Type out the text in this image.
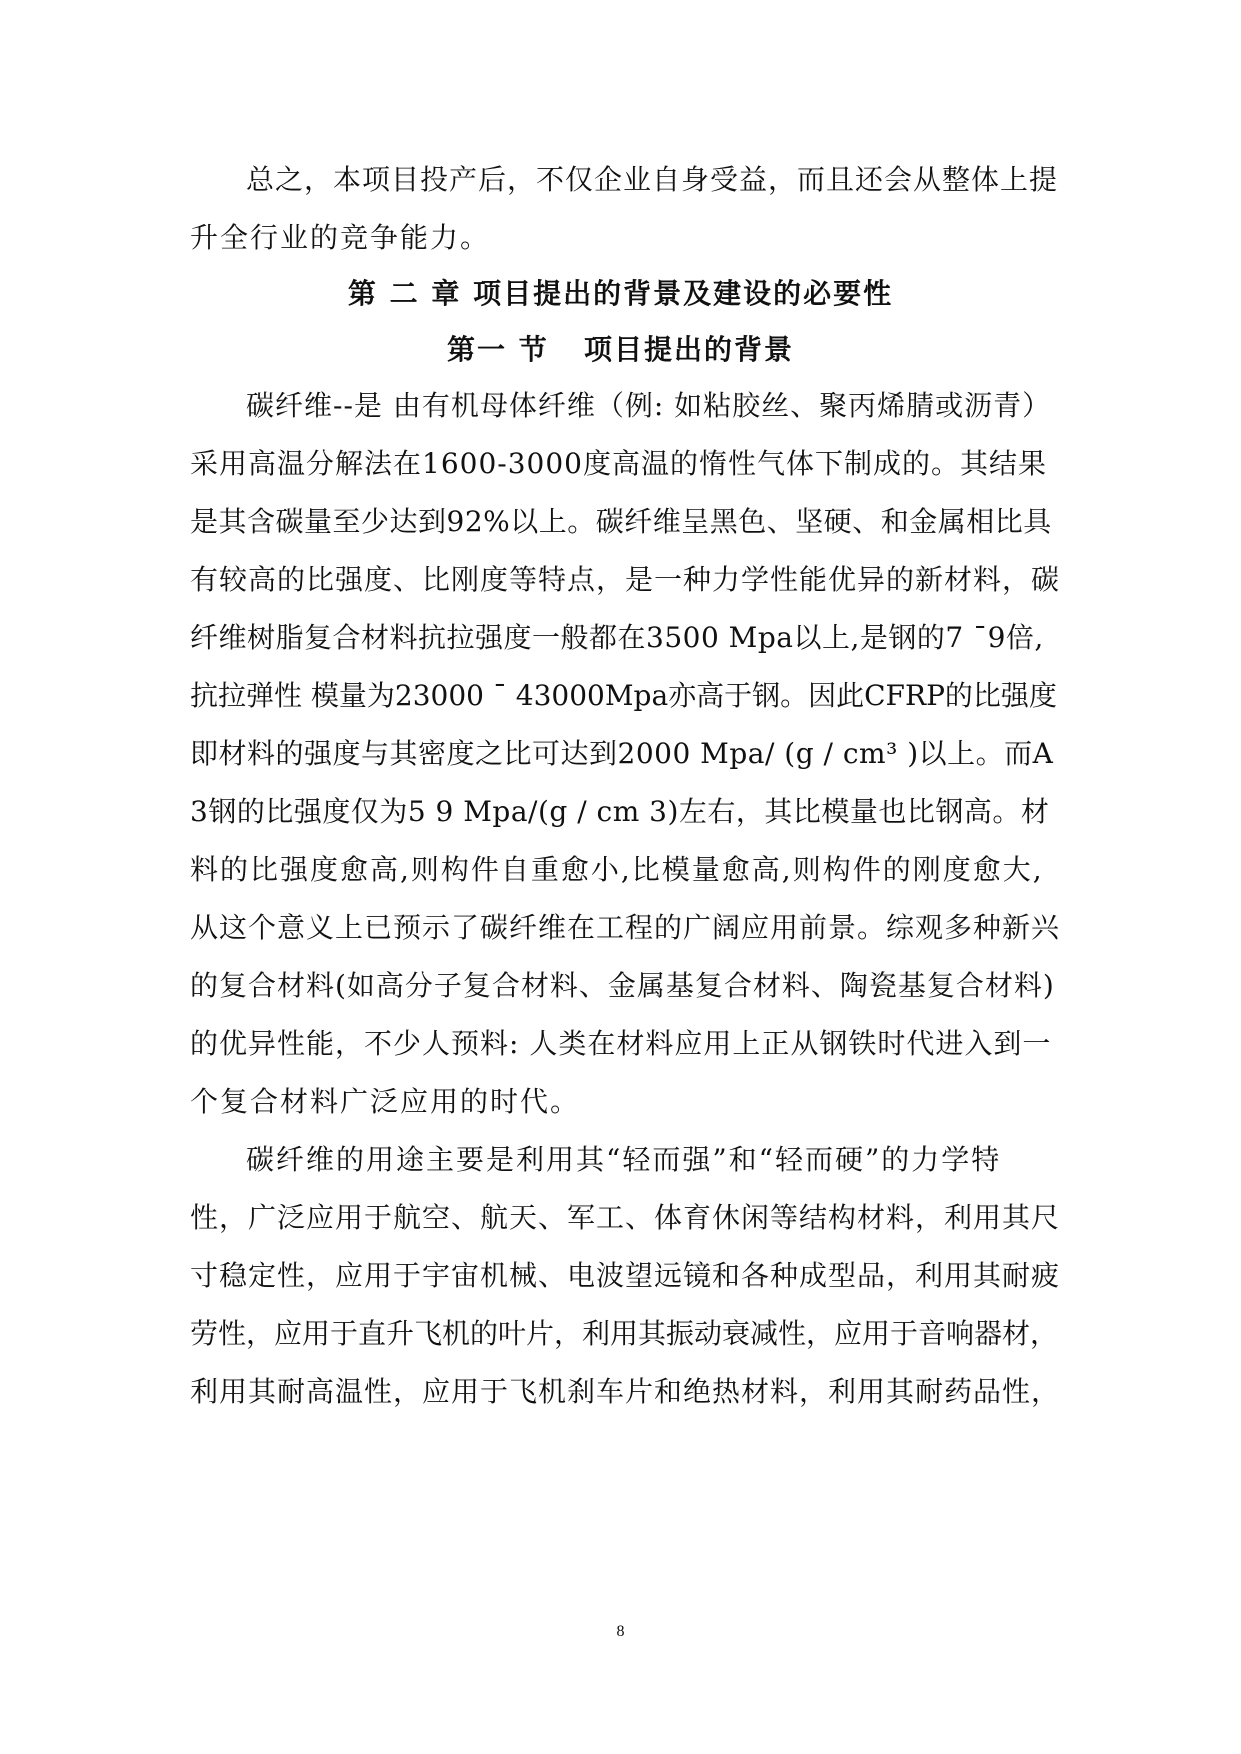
总之，本项目投产后，不仅企业自身受益，而且还会从整体上提
升全行业的竞争能力。
第 二 章 项目提出的背景及建设的必要性
第一 节   项目提出的背景
碳纤维--是 由有机母体纤维（例: 如粘胶丝、聚丙烯腈或沥青）
采用高温分解法在1600-3000度高温的惰性气体下制成的。其结果
是其含碳量至少达到92%以上。碳纤维呈黑色、坚硬、和金属相比具
有较高的比强度、比刚度等特点，是一种力学性能优异的新材料，碳
纤维树脂复合材料抗拉强度一般都在3500 Mpa以上,是钢的7 ¯9倍,
抗拉弹性 模量为23000 ¯ 43000Mpa亦高于钢。因此CFRP的比强度
即材料的强度与其密度之比可达到2000 Mpa/ (g / cm³ )以上。而A
3钢的比强度仅为5 9 Mpa/(g / cm 3)左右，其比模量也比钢高。材
料的比强度愈高,则构件自重愈小,比模量愈高,则构件的刚度愈大,
从这个意义上已预示了碳纤维在工程的广阔应用前景。综观多种新兴
的复合材料(如高分子复合材料、金属基复合材料、陶瓷基复合材料)
的优异性能，不少人预料: 人类在材料应用上正从钢铁时代进入到一
个复合材料广泛应用的时代。
碳纤维的用途主要是利用其“轻而强”和“轻而硬”的力学特
性，广泛应用于航空、航天、军工、体育休闲等结构材料，利用其尺
寸稳定性，应用于宇宙机械、电波望远镜和各种成型品，利用其耐疲
劳性，应用于直升飞机的叶片，利用其振动衰减性，应用于音响器材，
利用其耐高温性，应用于飞机刹车片和绝热材料，利用其耐药品性，
8
